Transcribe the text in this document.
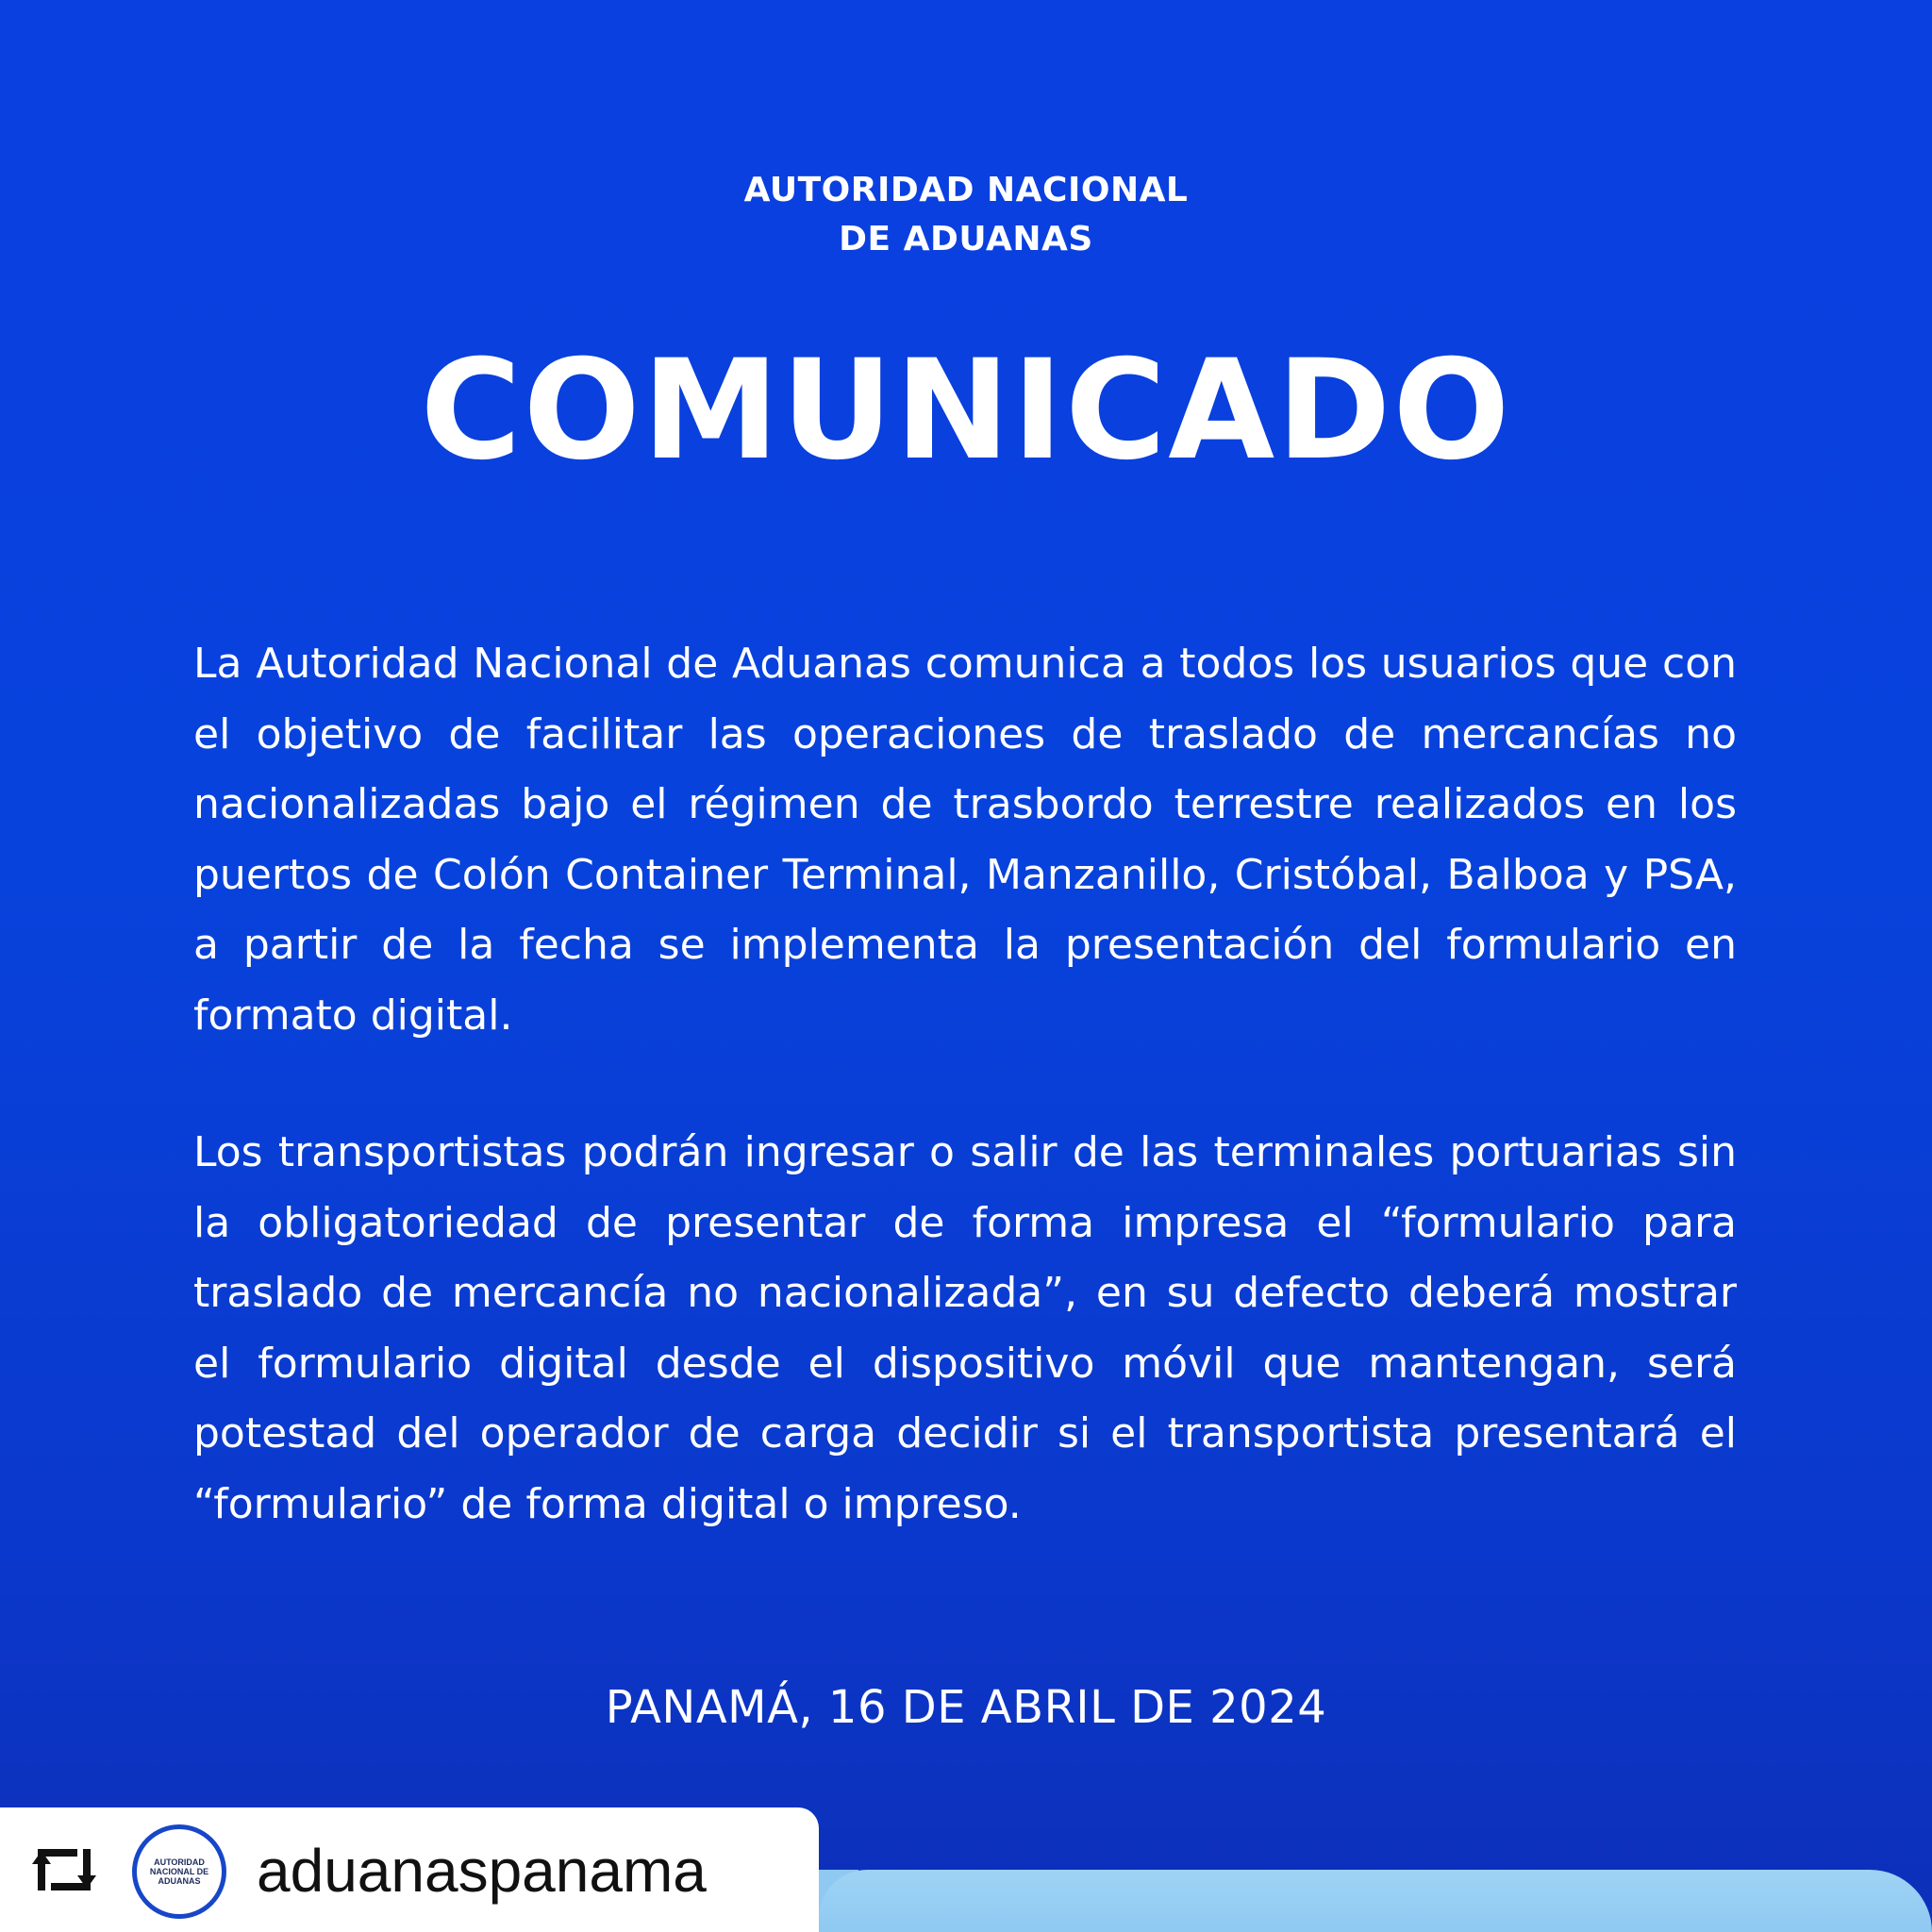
AUTORIDAD NACIONAL
DE ADUANAS
COMUNICADO
La Autoridad Nacional de Aduanas comunica a todos los usuarios que con el objetivo de facilitar las operaciones de traslado de mercancías no nacionalizadas bajo el régimen de trasbordo terrestre realizados en los puertos de Colón Container Terminal, Manzanillo, Cristóbal, Balboa y PSA, a partir de la fecha se implementa la presentación del formulario en formato digital.
Los transportistas podrán ingresar o salir de las terminales portuarias sin la obligatoriedad de presentar de forma impresa el “formulario para traslado de mercancía no nacionalizada”, en su defecto deberá mostrar el formulario digital desde el dispositivo móvil que mantengan, será potestad del operador de carga decidir si el transportista presentará el “formulario” de forma digital o impreso.
PANAMÁ, 16 DE ABRIL DE 2024
AUTORIDAD NACIONAL DE ADUANAS aduanaspanama
